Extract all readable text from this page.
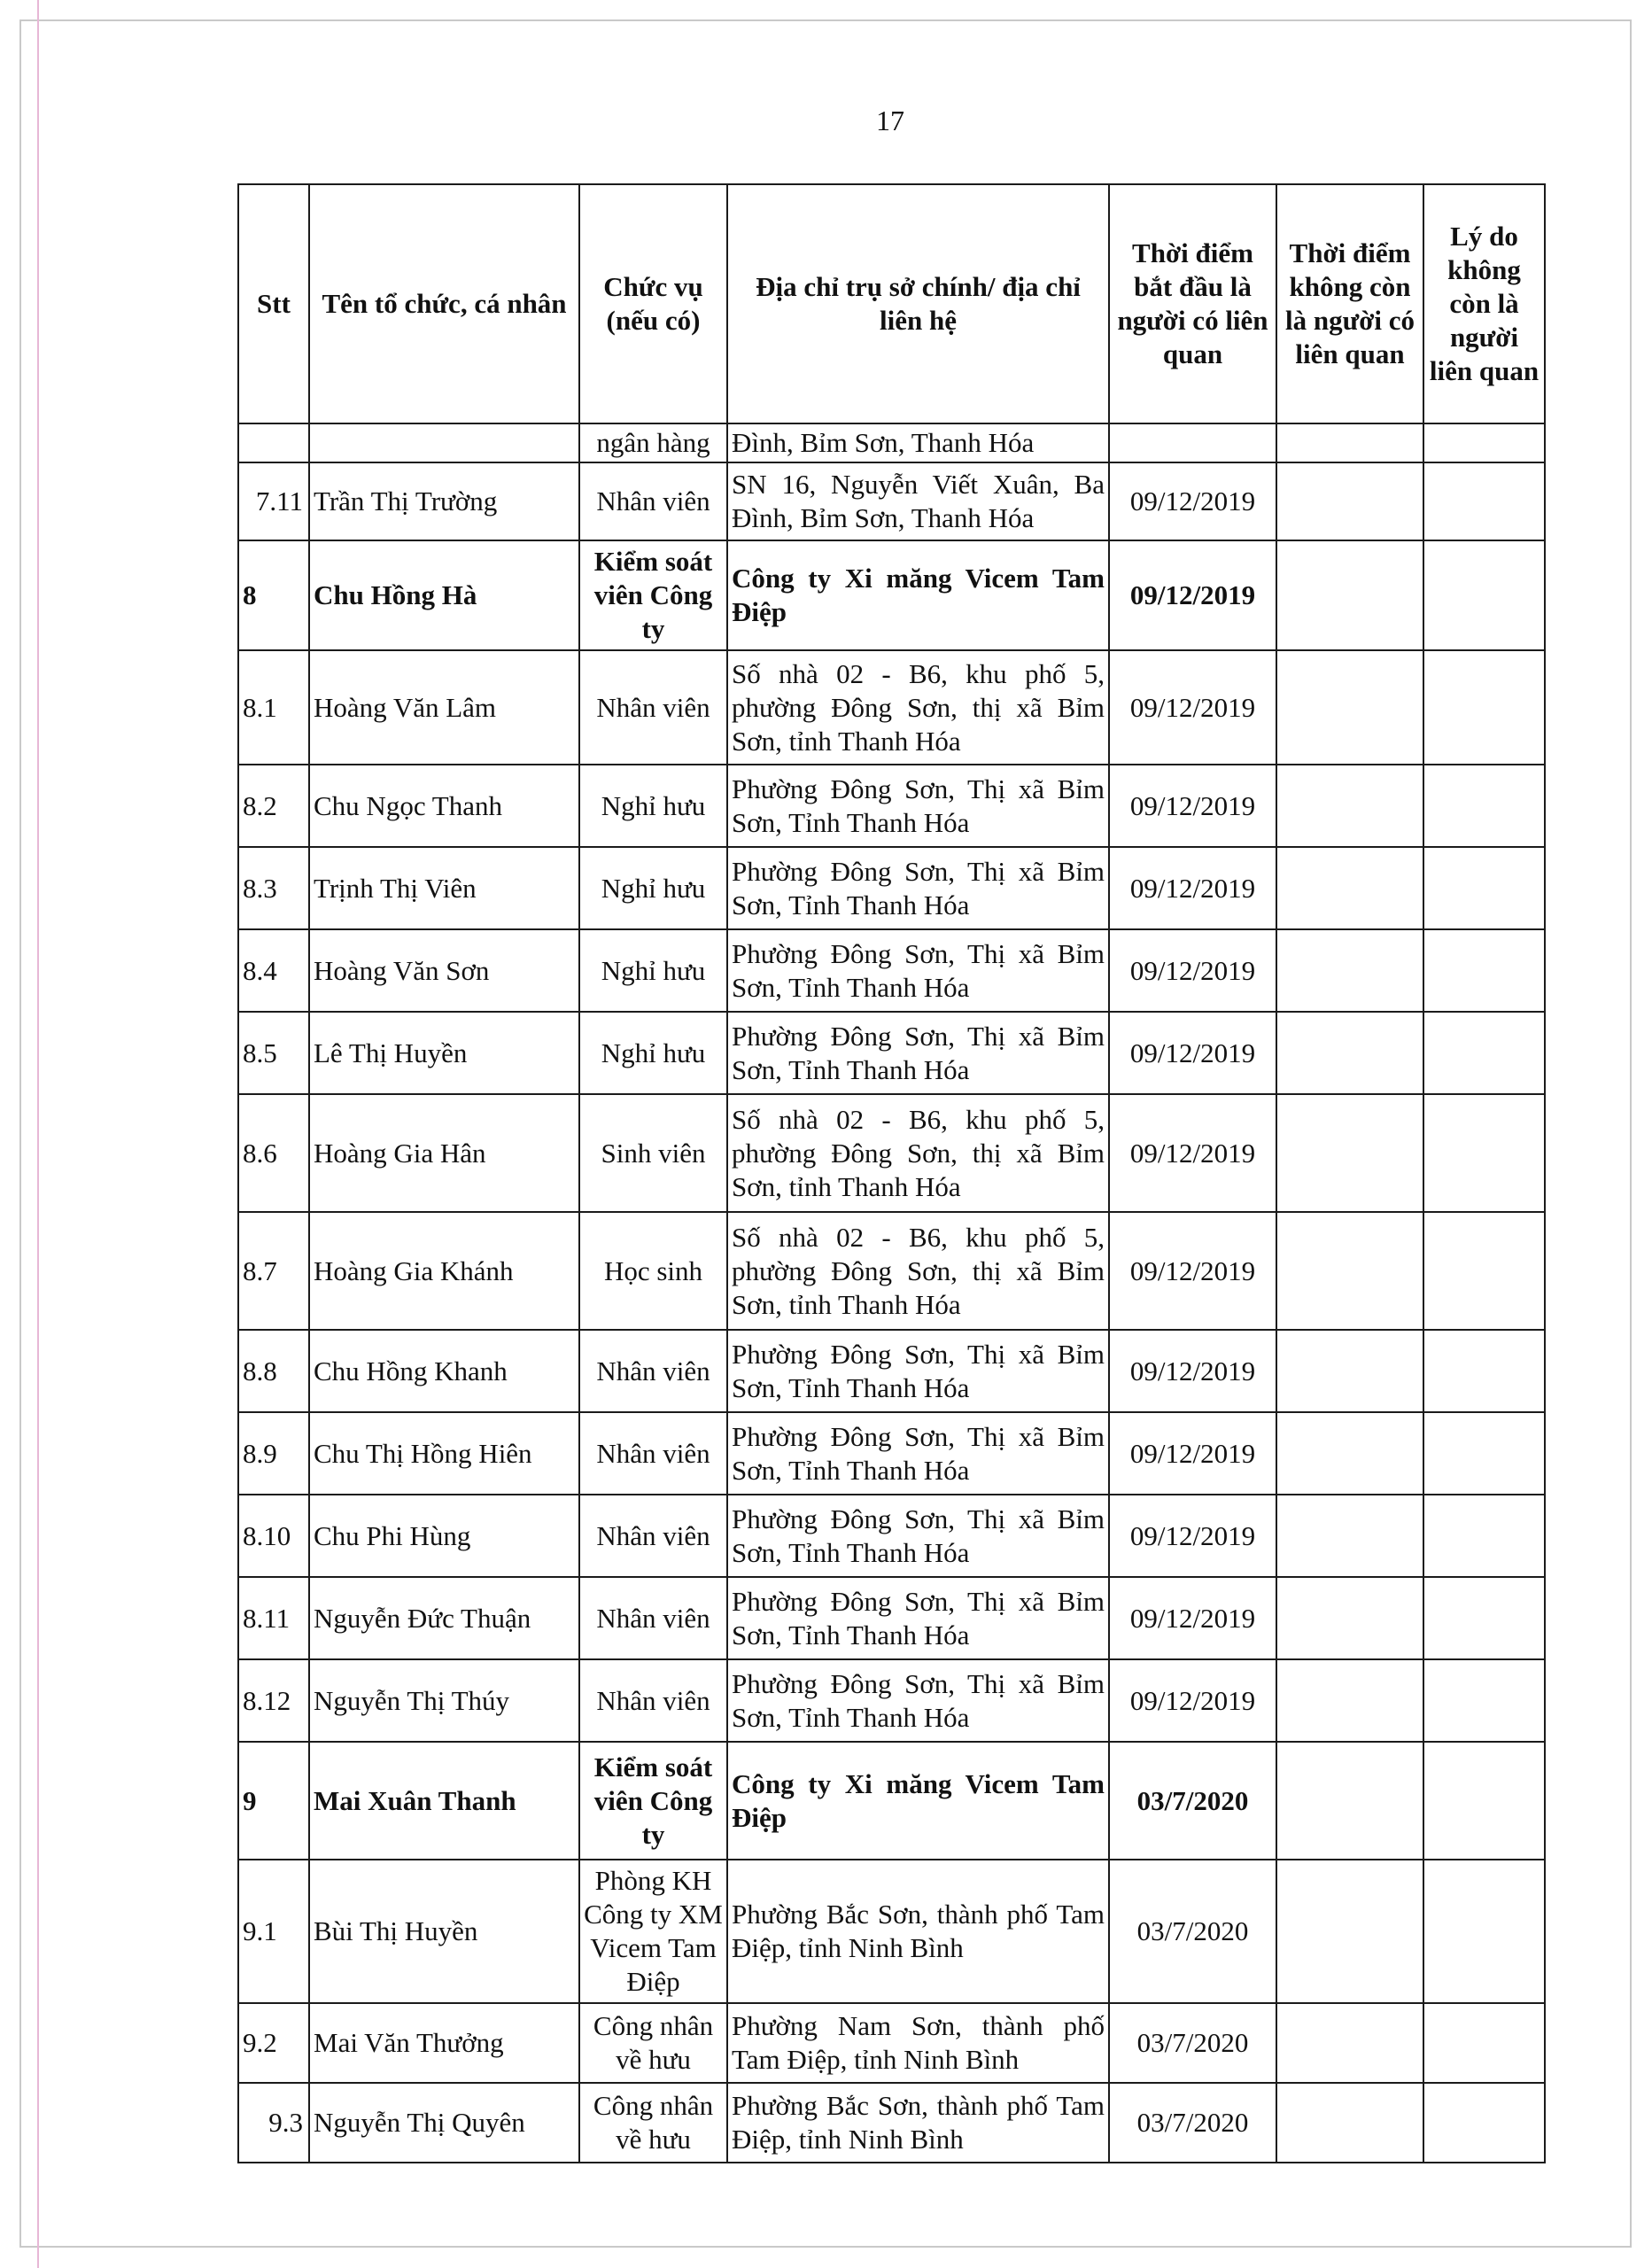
17
Stt	Tên tổ chức, cá nhân	Chức vụ (nếu có)	Địa chỉ trụ sở chính/ địa chỉ liên hệ	Thời điểm bắt đầu là người có liên quan	Thời điểm không còn là người có liên quan	Lý do không còn là người liên quan
		ngân hàng	Đình, Bỉm Sơn, Thanh Hóa			
7.11	Trần Thị Trường	Nhân viên	SN 16, Nguyễn Viết Xuân, Ba Đình, Bỉm Sơn, Thanh Hóa	09/12/2019		
8	Chu Hồng Hà	Kiểm soát viên Công ty	Công ty Xi măng Vicem Tam Điệp	09/12/2019		
8.1	Hoàng Văn Lâm	Nhân viên	Số nhà 02 - B6, khu phố 5, phường Đông Sơn, thị xã Bỉm Sơn, tỉnh Thanh Hóa	09/12/2019		
8.2	Chu Ngọc Thanh	Nghỉ hưu	Phường Đông Sơn, Thị xã Bỉm Sơn, Tỉnh Thanh Hóa	09/12/2019		
8.3	Trịnh Thị Viên	Nghỉ hưu	Phường Đông Sơn, Thị xã Bỉm Sơn, Tỉnh Thanh Hóa	09/12/2019		
8.4	Hoàng Văn Sơn	Nghỉ hưu	Phường Đông Sơn, Thị xã Bỉm Sơn, Tỉnh Thanh Hóa	09/12/2019		
8.5	Lê Thị Huyền	Nghỉ hưu	Phường Đông Sơn, Thị xã Bỉm Sơn, Tỉnh Thanh Hóa	09/12/2019		
8.6	Hoàng Gia Hân	Sinh viên	Số nhà 02 - B6, khu phố 5, phường Đông Sơn, thị xã Bỉm Sơn, tỉnh Thanh Hóa	09/12/2019		
8.7	Hoàng Gia Khánh	Học sinh	Số nhà 02 - B6, khu phố 5, phường Đông Sơn, thị xã Bỉm Sơn, tỉnh Thanh Hóa	09/12/2019		
8.8	Chu Hồng Khanh	Nhân viên	Phường Đông Sơn, Thị xã Bỉm Sơn, Tỉnh Thanh Hóa	09/12/2019		
8.9	Chu Thị Hồng Hiên	Nhân viên	Phường Đông Sơn, Thị xã Bỉm Sơn, Tỉnh Thanh Hóa	09/12/2019		
8.10	Chu Phi Hùng	Nhân viên	Phường Đông Sơn, Thị xã Bỉm Sơn, Tỉnh Thanh Hóa	09/12/2019		
8.11	Nguyễn Đức Thuận	Nhân viên	Phường Đông Sơn, Thị xã Bỉm Sơn, Tỉnh Thanh Hóa	09/12/2019		
8.12	Nguyễn Thị Thúy	Nhân viên	Phường Đông Sơn, Thị xã Bỉm Sơn, Tỉnh Thanh Hóa	09/12/2019		
9	Mai Xuân Thanh	Kiểm soát viên Công ty	Công ty Xi măng Vicem Tam Điệp	03/7/2020		
9.1	Bùi Thị Huyền	Phòng KH Công ty XM Vicem Tam Điệp	Phường Bắc Sơn, thành phố Tam Điệp, tỉnh Ninh Bình	03/7/2020		
9.2	Mai Văn Thưởng	Công nhân về hưu	Phường Nam Sơn, thành phố Tam Điệp, tỉnh Ninh Bình	03/7/2020		
9.3	Nguyễn Thị Quyên	Công nhân về hưu	Phường Bắc Sơn, thành phố Tam Điệp, tỉnh Ninh Bình	03/7/2020		
